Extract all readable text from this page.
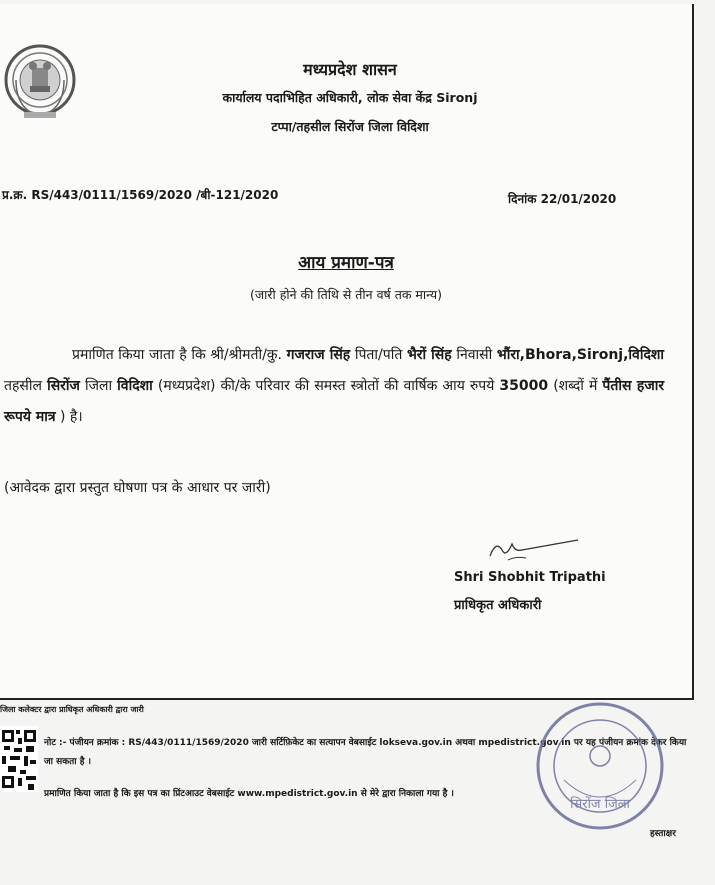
मध्यप्रदेश शासन
कार्यालय पदाभिहित अधिकारी, लोक सेवा केंद्र Sironj
टप्पा/तहसील सिरोंज जिला विदिशा
प्र.क्र. RS/443/0111/1569/2020 /बी-121/2020	दिनांक 22/01/2020
आय प्रमाण-पत्र
(जारी होने की तिथि से तीन वर्ष तक मान्य)
प्रमाणित किया जाता है कि श्री/श्रीमती/कु. गजराज सिंह पिता/पति भैरों सिंह निवासी भौंरा,Bhora,Sironj,विदिशा तहसील सिरोंज जिला विदिशा (मध्यप्रदेश) की/के परिवार की समस्त स्त्रोतों की वार्षिक आय रुपये 35000 (शब्दों में पैंतीस हजार रूपये मात्र ) है।
(आवेदक द्वारा प्रस्तुत घोषणा पत्र के आधार पर जारी)
Shri Shobhit Tripathi
प्राधिकृत अधिकारी
जिला कलेक्टर द्वारा प्राधिकृत अधिकारी द्वारा जारी
नोट :- पंजीयन क्रमांक : RS/443/0111/1569/2020 जारी सर्टिफ़िकेट का सत्यापन वेबसाईट lokseva.gov.in अथवा mpedistrict.gov.in पर यह पंजीयन क्रमांक देकर किया जा सकता है ।
प्रमाणित किया जाता है कि इस पत्र का प्रिंटआउट वेबसाईट www.mpedistrict.gov.in से मेरे द्वारा निकाला गया है ।
सिरोंज जिला
हस्ताक्षर
